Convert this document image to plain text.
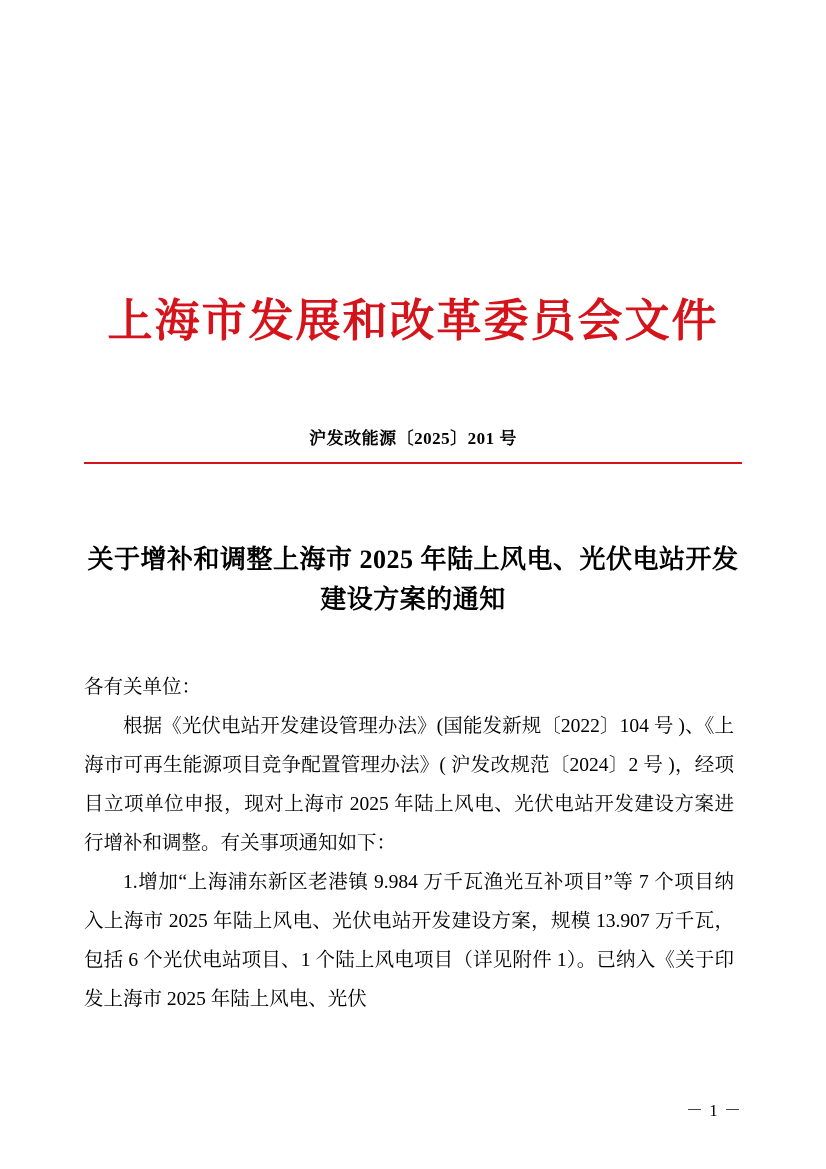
上海市发展和改革委员会文件
沪发改能源〔2025〕201 号
关于增补和调整上海市 2025 年陆上风电、光伏电站开发建设方案的通知

各有关单位：

根据《光伏电站开发建设管理办法》(国能发新规〔2022〕104 号 )、《上海市可再生能源项目竞争配置管理办法》( 沪发改规范〔2024〕2 号 )，经项目立项单位申报，现对上海市 2025 年陆上风电、光伏电站开发建设方案进行增补和调整。有关事项通知如下：

1.增加“上海浦东新区老港镇 9.984 万千瓦渔光互补项目”等 7 个项目纳入上海市 2025 年陆上风电、光伏电站开发建设方案，规模 13.907 万千瓦，包括 6 个光伏电站项目、1 个陆上风电项目（详见附件 1）。已纳入《关于印发上海市 2025 年陆上风电、光伏

－ 1 －
